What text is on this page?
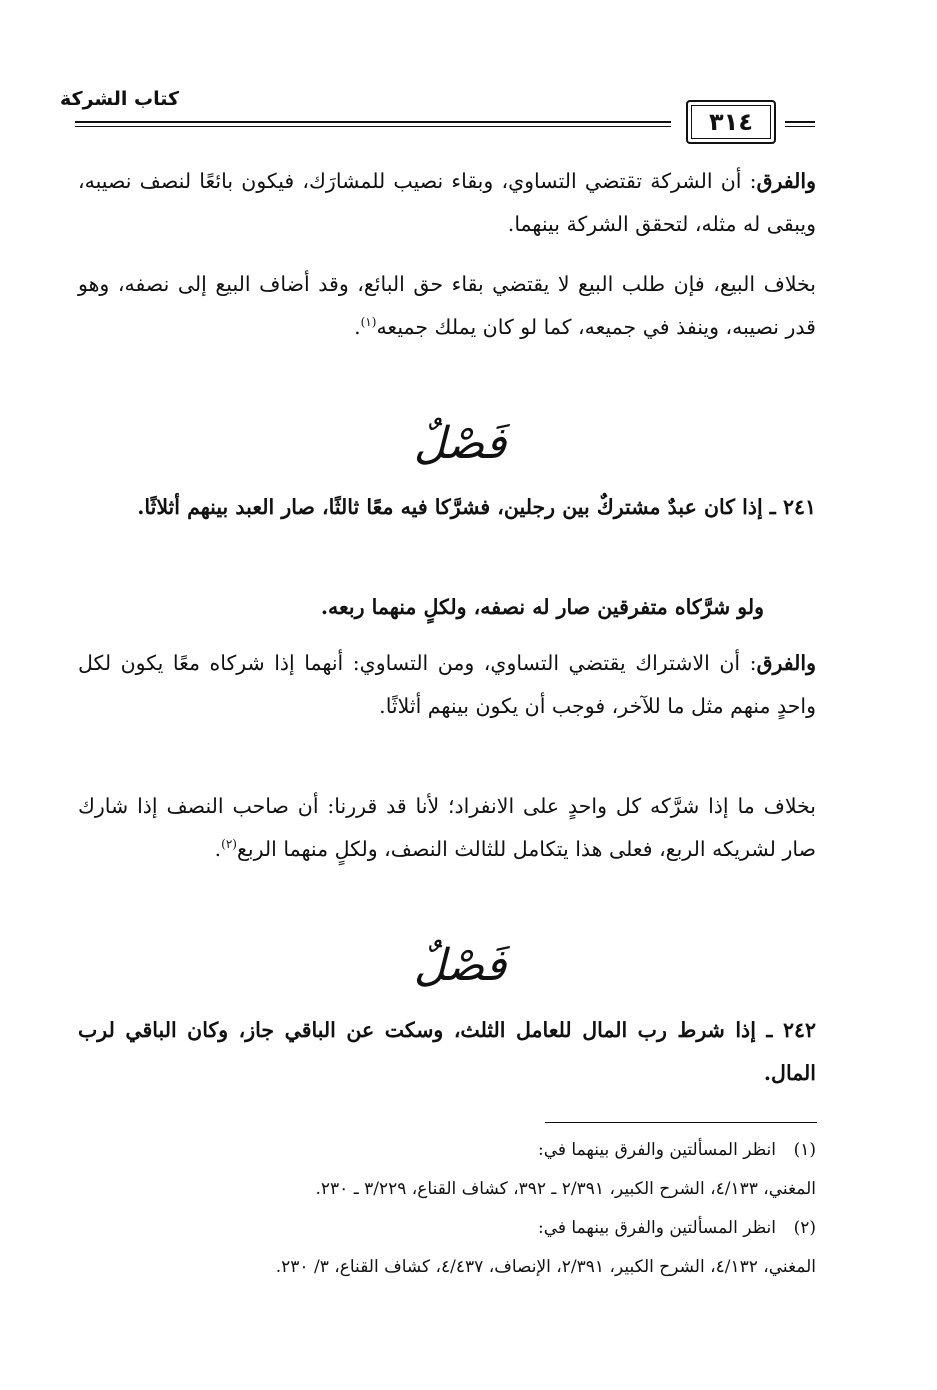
كتاب الشركة
٣١٤
والفرق: أن الشركة تقتضي التساوي، وبقاء نصيب للمشارَك، فيكون بائعًا لنصف نصيبه، ويبقى له مثله، لتحقق الشركة بينهما.
بخلاف البيع، فإن طلب البيع لا يقتضي بقاء حق البائع، وقد أضاف البيع إلى نصفه، وهو قدر نصيبه، وينفذ في جميعه، كما لو كان يملك جميعه$^{(١)}$.
فَصْلٌ
٢٤١ ـ إذا كان عبدٌ مشتركٌ بين رجلين، فشرَّكا فيه معًا ثالثًا، صار العبد بينهم أثلاثًا.
ولو شرَّكاه متفرقين صار له نصفه، ولكلٍ منهما ربعه.
والفرق: أن الاشتراك يقتضي التساوي، ومن التساوي: أنهما إذا شركاه معًا يكون لكل واحدٍ منهم مثل ما للآخر، فوجب أن يكون بينهم أثلاثًا.
بخلاف ما إذا شرَّكه كل واحدٍ على الانفراد؛ لأنا قد قررنا: أن صاحب النصف إذا شارك صار لشريكه الربع، فعلى هذا يتكامل للثالث النصف، ولكلٍ منهما الربع$^{(٢)}$.
فَصْلٌ
٢٤٢ ـ إذا شرط رب المال للعامل الثلث، وسكت عن الباقي جاز، وكان الباقي لرب المال.
(١)انظر المسألتين والفرق بينهما في:
المغني، ٤/١٣٣، الشرح الكبير، ٢/٣٩١ ـ ٣٩٢، كشاف القناع، ٣/٢٢٩ ـ ٢٣٠.
(٢)انظر المسألتين والفرق بينهما في:
المغني، ٤/١٣٢، الشرح الكبير، ٢/٣٩١، الإنصاف، ٤/٤٣٧، كشاف القناع، ٣/ ٢٣٠.
